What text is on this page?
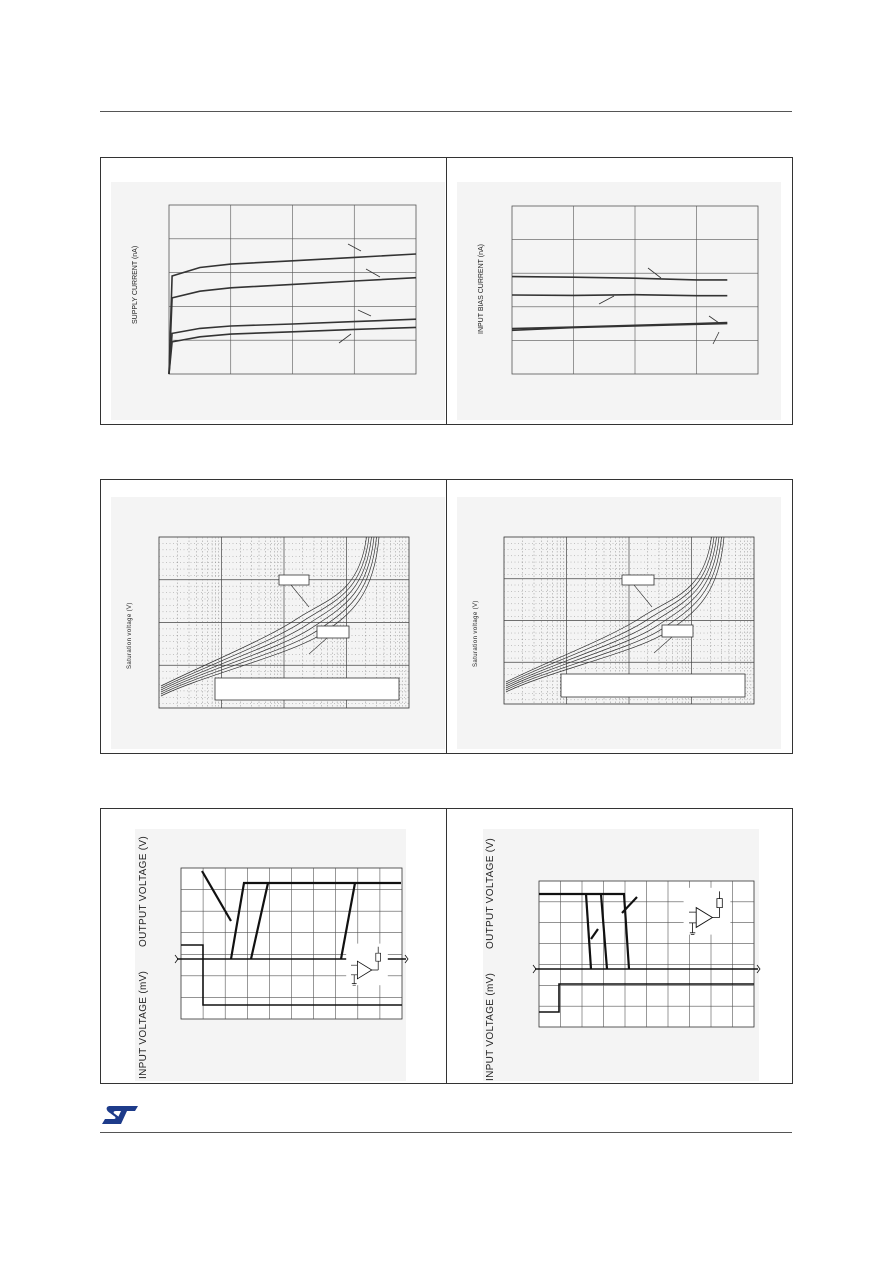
SUPPLY CURRENT (nA)	INPUT BIAS CURRENT (nA)
Saturation voltage (V)	Saturation voltage (V)
OUTPUT VOLTAGE (V)
INPUT VOLTAGE (mV)
OUTPUT VOLTAGE (V)
INPUT VOLTAGE (mV)
